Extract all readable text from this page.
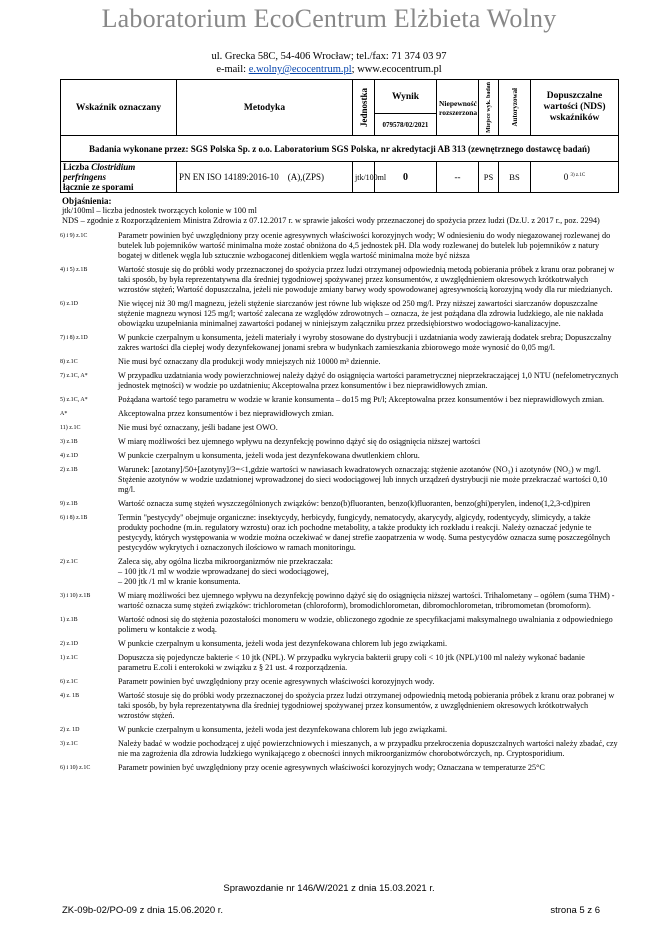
Laboratorium EcoCentrum Elżbieta Wolny
ul. Grecka 58C, 54-406 Wrocław; tel./fax: 71 374 03 97
e-mail: e.wolny@ecocentrum.pl; www.ecocentrum.pl
Wskaźnik oznaczany	Metodyka	Jednostka	Wynik	Niepewność rozszerzona	Miejsce wyk. badań	Autoryzował	Dopuszczalne wartości (NDS) wskaźników
			079578/02/2021				
Badania wykonane przez: SGS Polska Sp. z o.o. Laboratorium SGS Polska, nr akredytacji AB 313 (zewnętrznego dostawcę badań)							
Liczba Clostridium perfringens
łącznie ze sporami	PN EN ISO 14189:2016-10 (A),(ZPS)	jtk/100ml	0	--	PS	BS	0 $^{3) z.1C}$
Objaśnienia:
jtk/100ml – liczba jednostek tworzących kolonie w 100 ml
NDS – zgodnie z Rozporządzeniem Ministra Zdrowia z 07.12.2017 r. w sprawie jakości wody przeznaczonej do spożycia przez ludzi (Dz.U. z 2017 r., poz. 2294)
6) i 9) z.1C	Parametr powinien być uwzględniony przy ocenie agresywnych właściwości korozyjnych wody; W odniesieniu do wody niegazowanej rozlewanej do butelek lub pojemników wartość minimalna może zostać obniżona do 4,5 jednostek pH. Dla wody rozlewanej do butelek lub pojemników z natury bogatej w ditlenek węgla lub sztucznie wzbogaconej ditlenkiem węgla wartość minimalna może być niższa
4) i 5) z.1B	Wartość stosuje się do próbki wody przeznaczonej do spożycia przez ludzi otrzymanej odpowiednią metodą pobierania próbek z kranu oraz pobranej w taki sposób, by była reprezentatywna dla średniej tygodniowej spożywanej przez konsumentów, z uwzględnieniem okresowych krótkotrwałych wzrostów stężeń; Wartość dopuszczalna, jeżeli nie powoduje zmiany barwy wody spowodowanej agresywnością korozyjną wody dla rur miedzianych.
6) z.1D	Nie więcej niż 30 mg/l magnezu, jeżeli stężenie siarczanów jest równe lub większe od 250 mg/l. Przy niższej zawartości siarczanów dopuszczalne stężenie magnezu wynosi 125 mg/l; wartość zalecana ze względów zdrowotnych – oznacza, że jest pożądana dla zdrowia ludzkiego, ale nie nakłada obowiązku uzupełniania minimalnej zawartości podanej w niniejszym załączniku przez przedsiębiorstwo wodociągowo-kanalizacyjne.
7) i 8) z.1D	W punkcie czerpalnym u konsumenta, jeżeli materiały i wyroby stosowane do dystrybucji i uzdatniania wody zawierają dodatek srebra; Dopuszczalny zakres wartości dla ciepłej wody dezynfekowanej jonami srebra w budynkach zamieszkania zbiorowego może wynosić do 0,05 mg/l.
8) z.1C	Nie musi być oznaczany dla produkcji wody mniejszych niż 10000 m³ dziennie.
7) z.1C, A*	W przypadku uzdatniania wody powierzchniowej należy dążyć do osiągnięcia wartości parametrycznej nieprzekraczającej 1,0 NTU (nefelometrycznych jednostek mętności) w wodzie po uzdatnieniu; Akceptowalna przez konsumentów i bez nieprawidłowych zmian.
5) z.1C, A*	Pożądana wartość tego parametru w wodzie w kranie konsumenta – do15 mg Pt/l; Akceptowalna przez konsumentów i bez nieprawidłowych zmian.
A*	Akceptowalna przez konsumentów i bez nieprawidłowych zmian.
11) z.1C	Nie musi być oznaczany, jeśli badane jest OWO.
3) z.1B	W miarę możliwości bez ujemnego wpływu na dezynfekcję powinno dążyć się do osiągnięcia niższej wartości
4) z.1D	W punkcie czerpalnym u konsumenta, jeżeli woda jest dezynfekowana dwutlenkiem chloru.
2) z.1B	Warunek: [azotany]/50+[azotyny]/3=<1,gdzie wartości w nawiasach kwadratowych oznaczają: stężenie azotanów (NO₃) i azotynów (NO₂) w mg/l. Stężenie azotynów w wodzie uzdatnionej wprowadzonej do sieci wodociągowej lub innych urządzeń dystrybucji nie może przekraczać wartości 0,10 mg/l.
9) z.1B	Wartość oznacza sumę stężeń wyszczególnionych związków: benzo(b)fluoranten, benzo(k)fluoranten, benzo(ghi)perylen, indeno(1,2,3-cd)piren
6) i 8) z.1B	Termin "pestycydy" obejmuje organiczne: insektycydy, herbicydy, fungicydy, nematocydy, akarycydy, algicydy, rodentycydy, slimicydy, a także produkty pochodne (m.in. regulatory wzrostu) oraz ich pochodne metabolity, a także produkty ich rozkładu i reakcji. Należy oznaczać jedynie te pestycydy, których występowania w wodzie można oczekiwać w danej strefie zaopatrzenia w wodę. Suma pestycydów oznacza sumę poszczególnych pestycydów wykrytych i oznaczonych ilościowo w ramach monitoringu.
2) z.1C	Zaleca się, aby ogólna liczba mikroorganizmów nie przekraczała:
– 100 jtk /1 ml w wodzie wprowadzanej do sieci wodociągowej,
– 200 jtk /1 ml w kranie konsumenta.
3) i 10) z.1B	W miarę możliwości bez ujemnego wpływu na dezynfekcję powinno dążyć się do osiągnięcia niższej wartości. Trihalometany – ogółem (suma THM) - wartość oznacza sumę stężeń związków: trichlorometan (chloroform), bromodichlorometan, dibromochlorometan, tribromometan (bromoform).
1) z.1B	Wartość odnosi się do stężenia pozostałości monomeru w wodzie, obliczonego zgodnie ze specyfikacjami maksymalnego uwalniania z odpowiedniego polimeru w kontakcie z wodą.
2) z.1D	W punkcie czerpalnym u konsumenta, jeżeli woda jest dezynfekowana chlorem lub jego związkami.
1) z.1C	Dopuszcza się pojedyncze bakterie < 10 jtk (NPL). W przypadku wykrycia bakterii grupy coli < 10 jtk (NPL)/100 ml należy wykonać badanie parametru E.coli i enterokoki w związku z § 21 ust. 4 rozporządzenia.
6) z.1C	Parametr powinien być uwzględniony przy ocenie agresywnych właściwości korozyjnych wody.
4) z. 1B	Wartość stosuje się do próbki wody przeznaczonej do spożycia przez ludzi otrzymanej odpowiednią metodą pobierania próbek z kranu oraz pobranej w taki sposób, by była reprezentatywna dla średniej tygodniowej spożywanej przez konsumentów, z uwzględnieniem okresowych krótkotrwałych wzrostów stężeń.
2) z. 1D	W punkcie czerpalnym u konsumenta, jeżeli woda jest dezynfekowana chlorem lub jego związkami.
3) z.1C	Należy badać w wodzie pochodzącej z ujęć powierzchniowych i mieszanych, a w przypadku przekroczenia dopuszczalnych wartości należy zbadać, czy nie ma zagrożenia dla zdrowia ludzkiego wynikającego z obecności innych mikroorganizmów chorobotwórczych, np. Cryptosporidium.
6) i 10) z.1C	Parametr powinien być uwzględniony przy ocenie agresywnych właściwości korozyjnych wody; Oznaczana w temperaturze 25°C
Sprawozdanie nr 146/W/2021 z dnia 15.03.2021 r.
ZK-09b-02/PO-09 z dnia 15.06.2020 r.	strona 5 z 6
